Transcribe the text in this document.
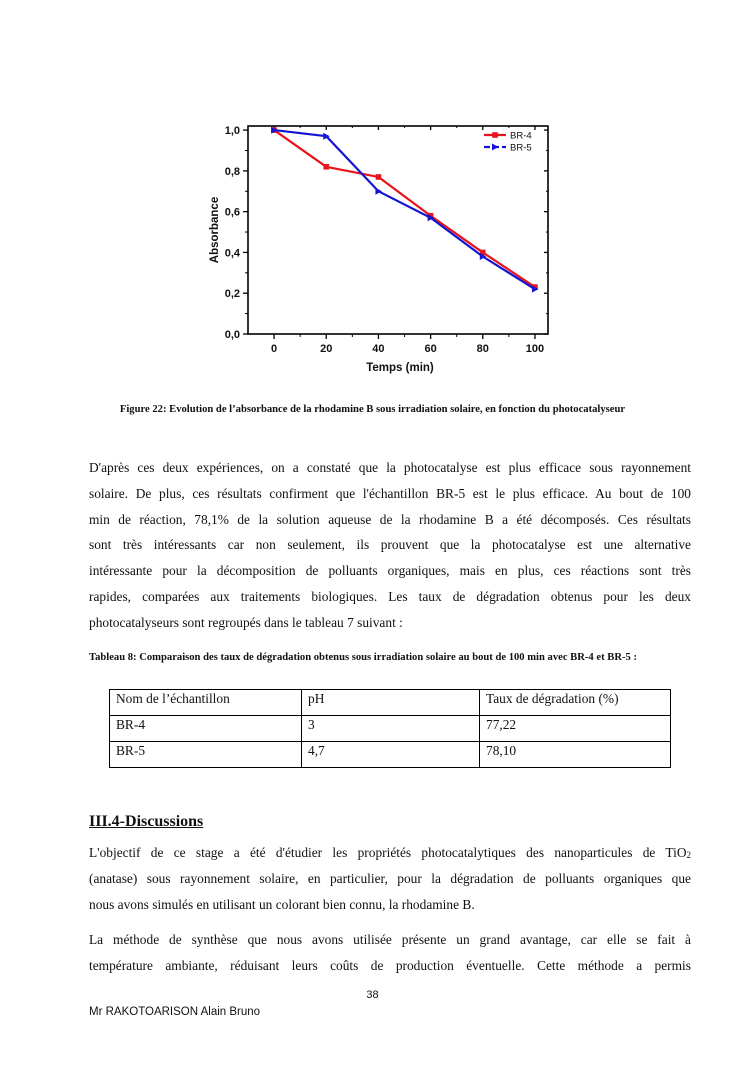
0	20	40	60	80	100
0,0
0,2
0,4
0,6
0,8
1,0
Temps (min)
Absorbance
BR-4
BR-5
Figure 22: Evolution de l’absorbance de la rhodamine B sous irradiation solaire, en fonction du photocatalyseur
D'après ces deux expériences, on a constaté que la photocatalyse est plus efficace sous rayonnement
solaire. De plus, ces résultats confirment que l'échantillon BR-5 est le plus efficace. Au bout de 100
min de réaction, 78,1% de la solution aqueuse de la rhodamine B a été décomposés. Ces résultats
sont très intéressants car non seulement, ils prouvent que la photocatalyse est une alternative
intéressante pour la décomposition de polluants organiques, mais en plus, ces réactions sont très
rapides, comparées aux traitements biologiques. Les taux de dégradation obtenus pour les deux
photocatalyseurs sont regroupés dans le tableau 7 suivant :
Tableau 8: Comparaison des taux de dégradation obtenus sous irradiation solaire au bout de 100 min avec BR-4 et BR-5 :
Nom de l’échantillon	pH	Taux de dégradation (%)
BR-4	3	77,22
BR-5	4,7	78,10
III.4-Discussions
L'objectif de ce stage a été d'étudier les propriétés photocatalytiques des nanoparticules de TiO$_2$
(anatase) sous rayonnement solaire, en particulier, pour la dégradation de polluants organiques que
nous avons simulés en utilisant un colorant bien connu, la rhodamine B.
La méthode de synthèse que nous avons utilisée présente un grand avantage, car elle se fait à
température ambiante, réduisant leurs coûts de production éventuelle. Cette méthode a permis
38
Mr RAKOTOARISON Alain Bruno
